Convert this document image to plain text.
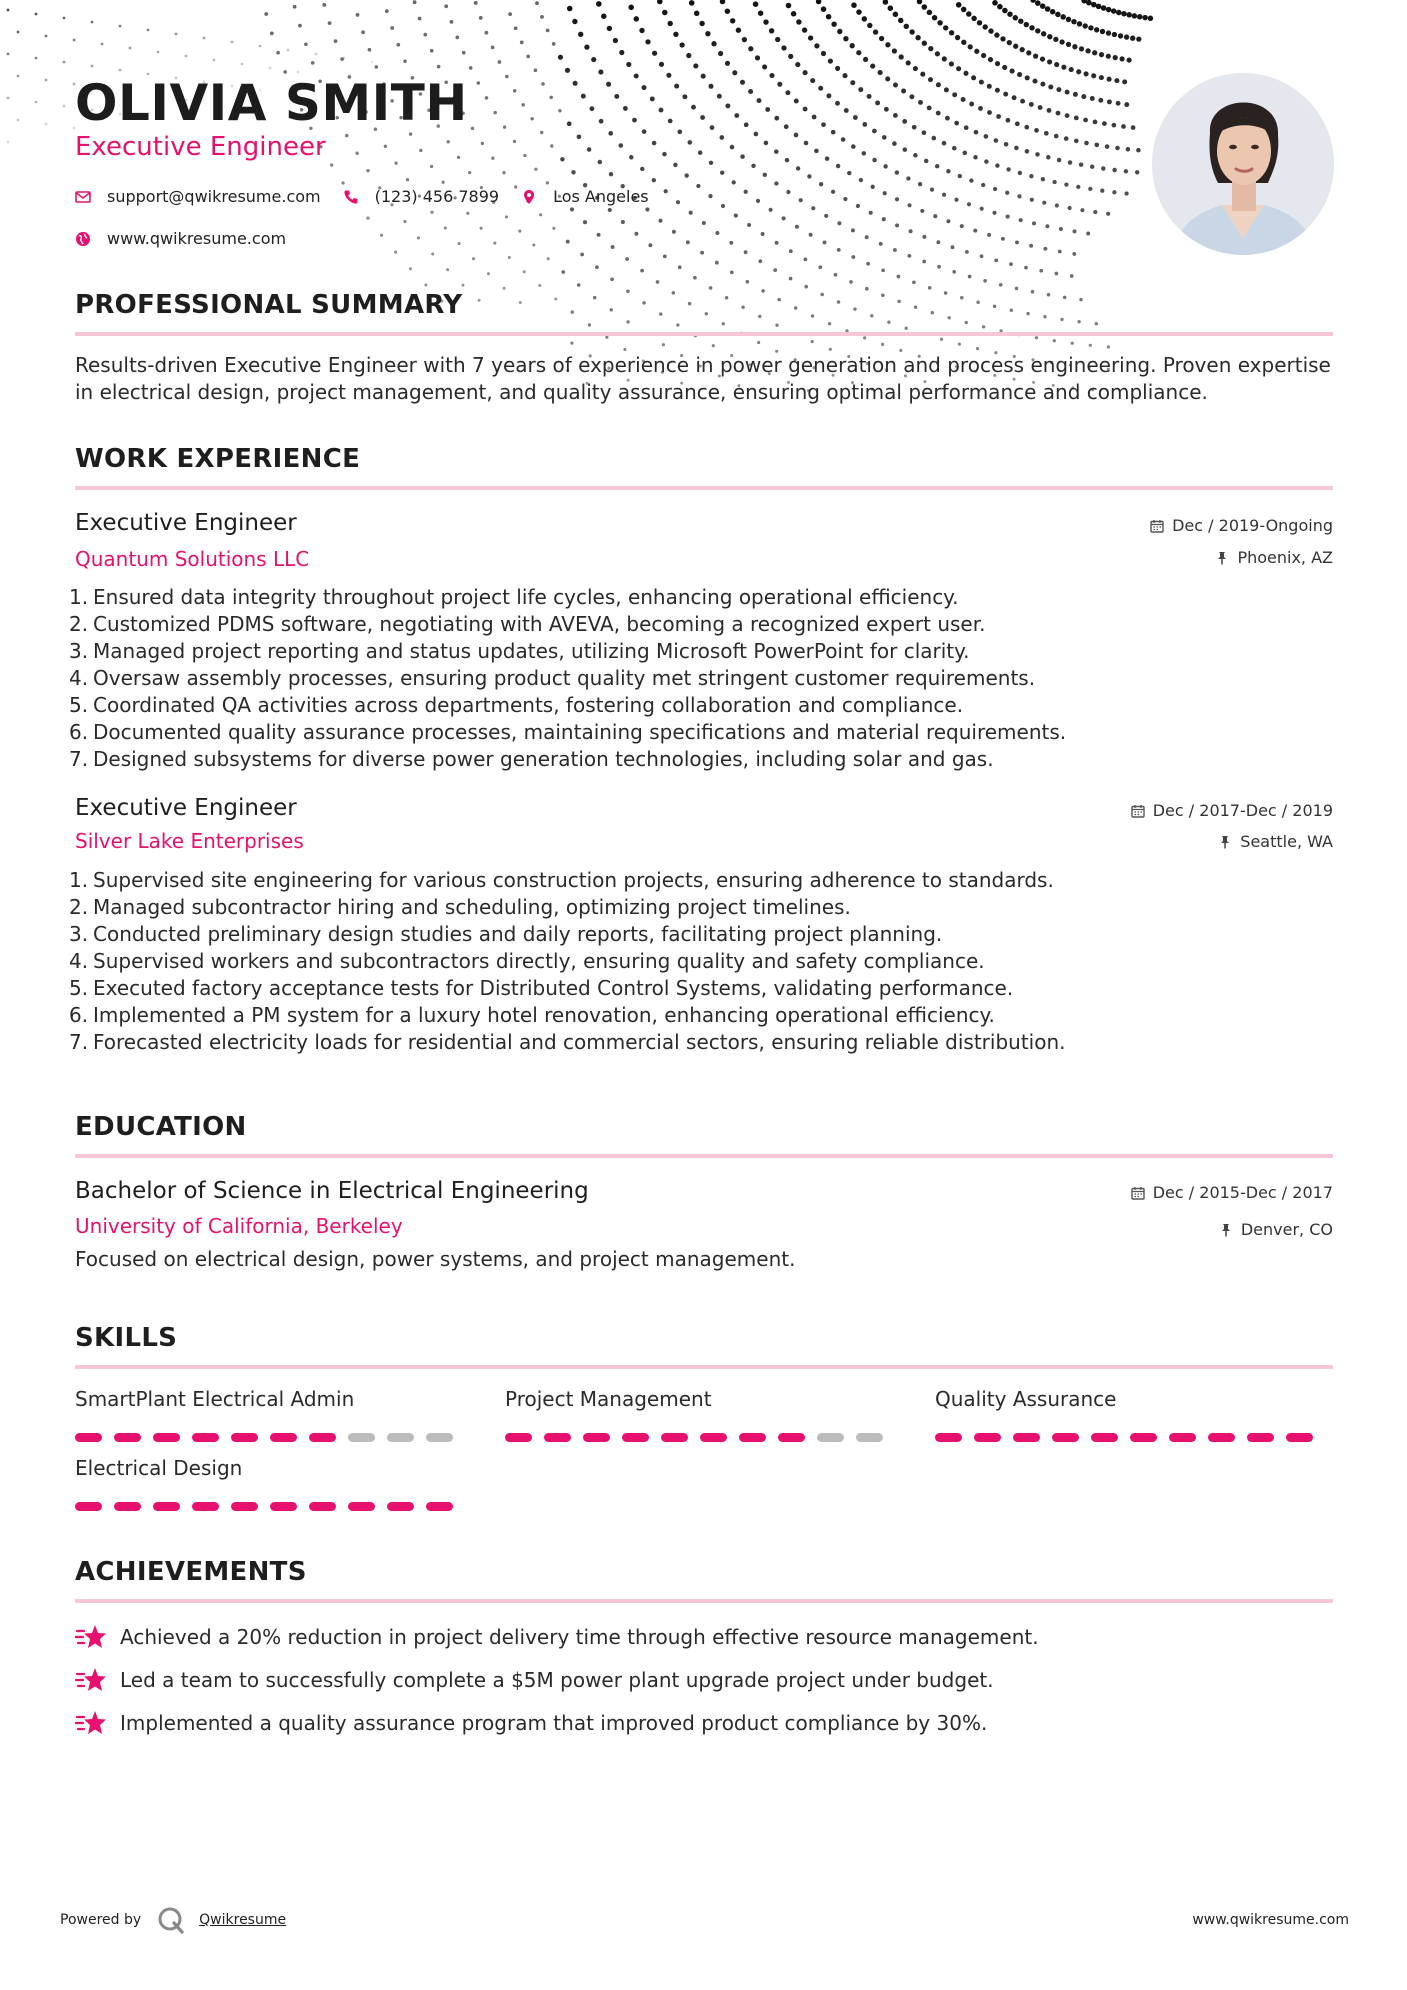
OLIVIA SMITH
Executive Engineer
support@qwikresume.com	(123) 456 7899	Los Angeles
www.qwikresume.com
PROFESSIONAL SUMMARY
Results-driven Executive Engineer with 7 years of experience in power generation and process engineering. Proven expertise in electrical design, project management, and quality assurance, ensuring optimal performance and compliance.
WORK EXPERIENCE
Executive Engineer
Quantum Solutions LLC
Dec / 2019-Ongoing
Phoenix, AZ
1. Ensured data integrity throughout project life cycles, enhancing operational efficiency.
2. Customized PDMS software, negotiating with AVEVA, becoming a recognized expert user.
3. Managed project reporting and status updates, utilizing Microsoft PowerPoint for clarity.
4. Oversaw assembly processes, ensuring product quality met stringent customer requirements.
5. Coordinated QA activities across departments, fostering collaboration and compliance.
6. Documented quality assurance processes, maintaining specifications and material requirements.
7. Designed subsystems for diverse power generation technologies, including solar and gas.
Executive Engineer
Silver Lake Enterprises
Dec / 2017-Dec / 2019
Seattle, WA
1. Supervised site engineering for various construction projects, ensuring adherence to standards.
2. Managed subcontractor hiring and scheduling, optimizing project timelines.
3. Conducted preliminary design studies and daily reports, facilitating project planning.
4. Supervised workers and subcontractors directly, ensuring quality and safety compliance.
5. Executed factory acceptance tests for Distributed Control Systems, validating performance.
6. Implemented a PM system for a luxury hotel renovation, enhancing operational efficiency.
7. Forecasted electricity loads for residential and commercial sectors, ensuring reliable distribution.
EDUCATION
Bachelor of Science in Electrical Engineering
University of California, Berkeley
Dec / 2015-Dec / 2017
Denver, CO
Focused on electrical design, power systems, and project management.
SKILLS
SmartPlant Electrical Admin	Project Management	Quality Assurance
Electrical Design
ACHIEVEMENTS
Achieved a 20% reduction in project delivery time through effective resource management.
Led a team to successfully complete a $5M power plant upgrade project under budget.
Implemented a quality assurance program that improved product compliance by 30%.
Powered by	Qwikresume	www.qwikresume.com
